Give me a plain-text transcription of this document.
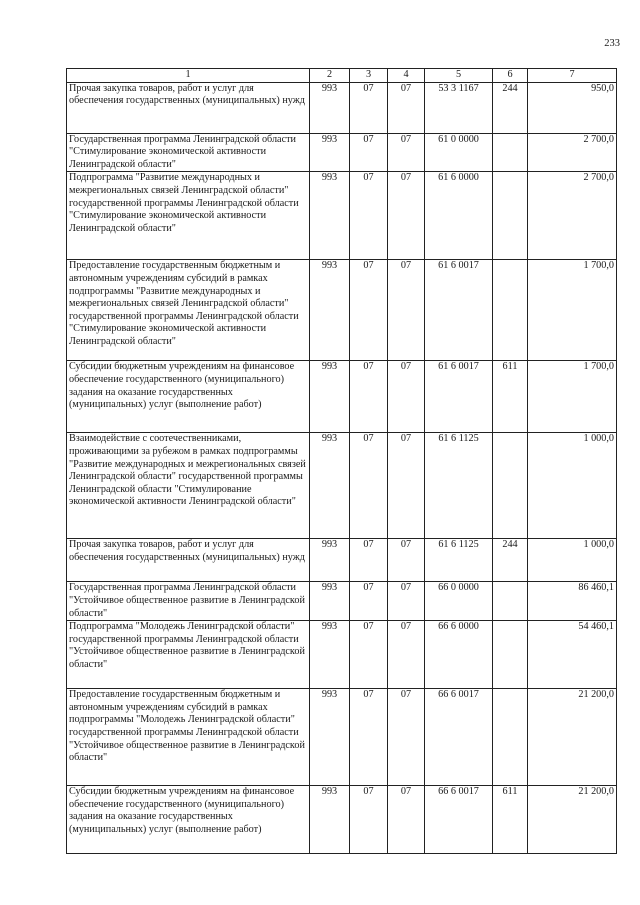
233
1	2	3	4	5	6	7
Прочая закупка товаров, работ и услуг для обеспечения государственных (муниципальных) нужд	993	07	07	53 3 1167	244	950,0
Государственная программа Ленинградской области "Стимулирование экономической активности Ленинградской области"	993	07	07	61 0 0000		2 700,0
Подпрограмма "Развитие международных и межрегиональных связей Ленинградской области" государственной программы Ленинградской области "Стимулирование экономической активности Ленинградской области"	993	07	07	61 6 0000		2 700,0
Предоставление государственным бюджетным и автономным учреждениям субсидий в рамках подпрограммы "Развитие международных и межрегиональных связей Ленинградской области" государственной программы Ленинградской области "Стимулирование экономической активности Ленинградской области"	993	07	07	61 6 0017		1 700,0
Субсидии бюджетным учреждениям на финансовое обеспечение государственного (муниципального) задания на оказание государственных (муниципальных) услуг (выполнение работ)	993	07	07	61 6 0017	611	1 700,0
Взаимодействие с соотечественниками, проживающими за рубежом в рамках подпрограммы "Развитие международных и межрегиональных связей Ленинградской области" государственной программы Ленинградской области "Стимулирование экономической активности Ленинградской области"	993	07	07	61 6 1125		1 000,0
Прочая закупка товаров, работ и услуг для обеспечения государственных (муниципальных) нужд	993	07	07	61 6 1125	244	1 000,0
Государственная программа Ленинградской области "Устойчивое общественное развитие в Ленинградской области"	993	07	07	66 0 0000		86 460,1
Подпрограмма "Молодежь Ленинградской области" государственной программы Ленинградской области "Устойчивое общественное развитие в Ленинградской области"	993	07	07	66 6 0000		54 460,1
Предоставление государственным бюджетным и автономным учреждениям субсидий в рамках подпрограммы "Молодежь Ленинградской области" государственной программы Ленинградской области "Устойчивое общественное развитие в Ленинградской области"	993	07	07	66 6 0017		21 200,0
Субсидии бюджетным учреждениям на финансовое обеспечение государственного (муниципального) задания на оказание государственных (муниципальных) услуг (выполнение работ)	993	07	07	66 6 0017	611	21 200,0
